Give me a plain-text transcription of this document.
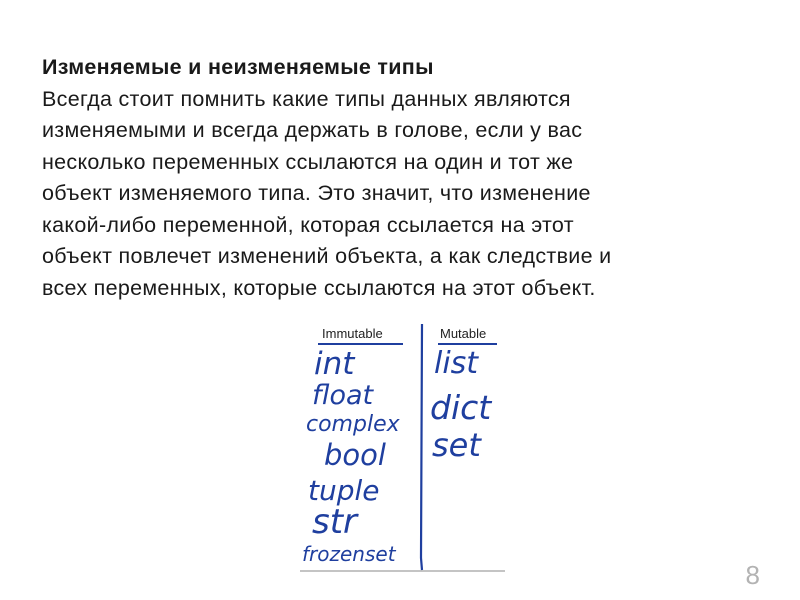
Изменяемые и неизменяемые типы
Всегда стоит помнить какие типы данных являются
изменяемыми и всегда держать в голове, если у вас
несколько переменных ссылаются на один и тот же
объект изменяемого типа. Это значит, что изменение
какой-либо переменной, которая ссылается на этот
объект повлечет изменений объекта, а как следствие и
всех переменных, которые ссылаются на этот объект.
Immutable	Mutable
int
float
complex
bool
tuple
str
frozenset
list
dict
set
8
